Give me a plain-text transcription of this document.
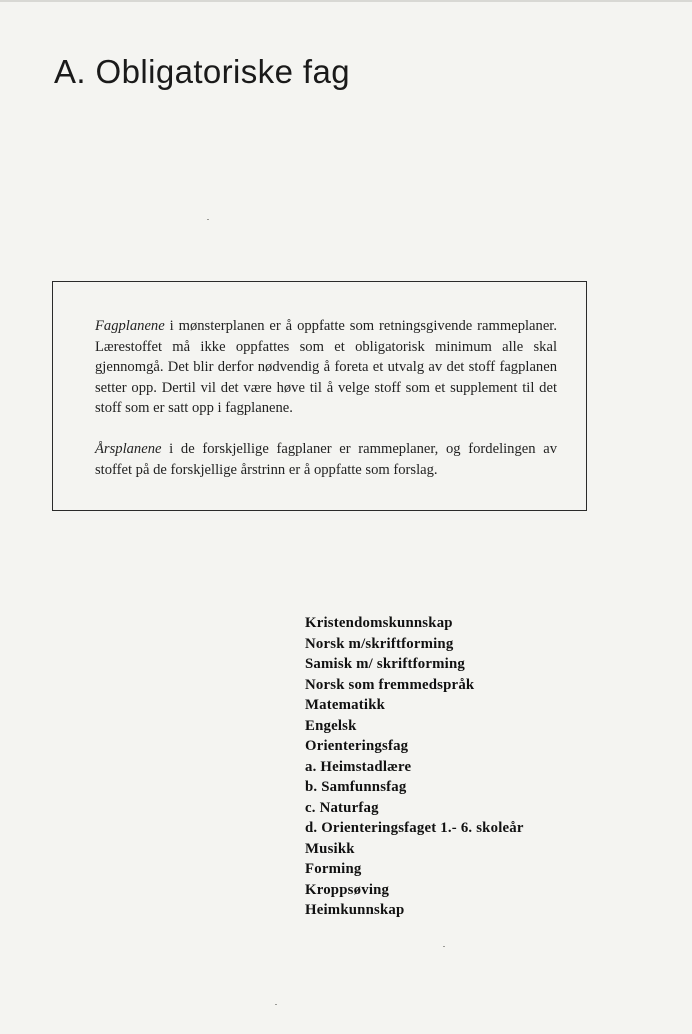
A. Obligatoriske fag

Fagplanene i mønsterplanen er å oppfatte som retningsgivende rammeplaner. Lærestoffet må ikke oppfattes som et obligatorisk minimum alle skal gjennomgå. Det blir derfor nødvendig å foreta et utvalg av det stoff fagplanen setter opp. Dertil vil det være høve til å velge stoff som et supplement til det stoff som er satt opp i fagplanene.

Årsplanene i de forskjellige fagplaner er rammeplaner, og fordelingen av stoffet på de forskjellige årstrinn er å oppfatte som forslag.

Kristendomskunnskap
Norsk m/skriftforming
Samisk m/ skriftforming
Norsk som fremmedspråk
Matematikk
Engelsk
Orienteringsfag
a. Heimstadlære
b. Samfunnsfag
c. Naturfag
d. Orienteringsfaget 1.- 6. skoleår
Musikk
Forming
Kroppsøving
Heimkunnskap
